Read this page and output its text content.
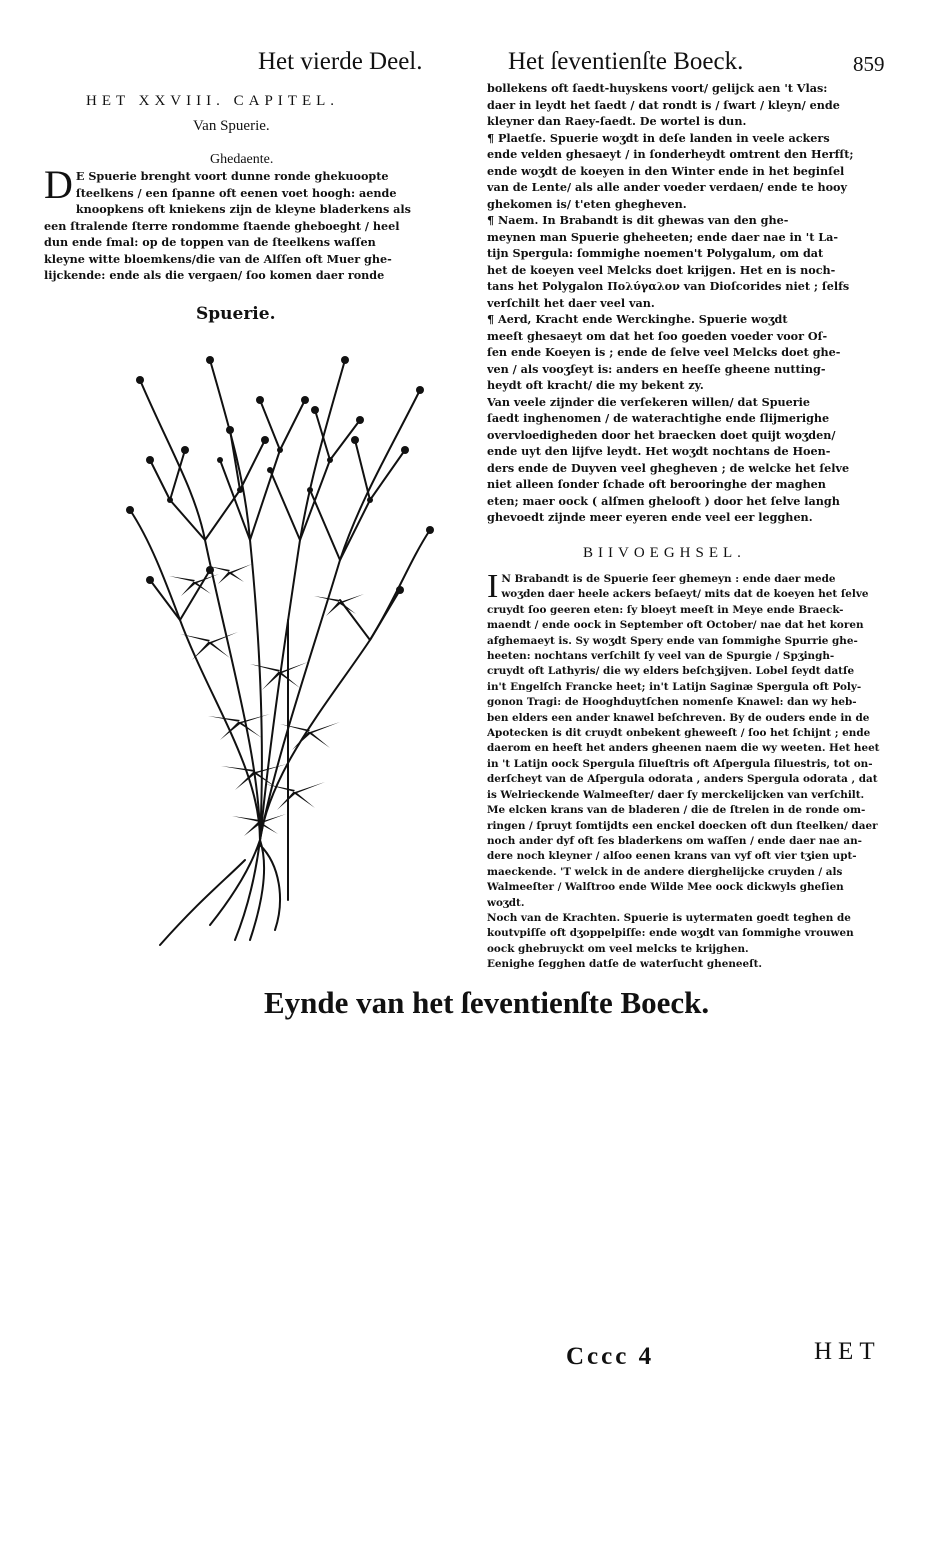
Het vierde Deel.	Het ſeventienſte Boeck.	859
HET XXVIII. CAPITEL.
Van Spuerie.
Ghedaente.
D E Spuerie brenght voort dunne ronde ghekuoopte
ſteelkens / een ſpanne oft eenen voet hoogh: aende
knoopkens oft kniekens zijn de kleyne bladerkens als
een ſtralende ſterre rondomme ſtaende gheboeght / heel
dun ende ſmal: op de toppen van de ſteelkens waſſen
kleyne witte bloemkens/die van de Alſſen oft Muer ghe-
lijckende: ende als die vergaen/ ſoo komen daer ronde
Spuerie.
bollekens oft ſaedt-huyskens voort/ gelijck aen 't Vlas:
daer in leydt het ſaedt / dat rondt is / ſwart / kleyn/ ende
kleyner dan Raey-ſaedt. De wortel is dun.
¶ Plaetſe. Spuerie woʒdt in deſe landen in veele ackers
ende velden ghesaeyt / in ſonderheydt omtrent den Herfſt;
ende woʒdt de koeyen in den Winter ende in het beginſel
van de Lente/ als alle ander voeder verdaen/ ende te hooy
ghekomen is/ t'eten ghegheven.
¶ Naem. In Brabandt is dit ghewas van den ghe-
meynen man Spuerie gheheeten; ende daer nae in 't La-
tijn Spergula: ſommighe noemen't Polygalum, om dat
het de koeyen veel Melcks doet krijgen. Het en is noch-
tans het Polygalon Πολύγαλον van Dioſcorides niet ; ſelfs
verſchilt het daer veel van.
¶ Aerd, Kracht ende Werckinghe. Spuerie woʒdt
meeſt ghesaeyt om dat het ſoo goeden voeder voor Oſ-
ſen ende Koeyen is ; ende de ſelve veel Melcks doet ghe-
ven / als vooʒſeyt is: anders en heeſſe gheene nutting-
heydt oft kracht/ die my bekent zy.
Van veele zijnder die verſekeren willen/ dat Spuerie
ſaedt inghenomen / de waterachtighe ende ſlijmerighe
overvloedigheden door het braecken doet quijt woʒden/
ende uyt den lijfve leydt. Het woʒdt nochtans de Hoen-
ders ende de Duyven veel ghegheven ; de welcke het ſelve
niet alleen ſonder ſchade oft berooringhe der maghen
eten; maer oock ( alſmen ghelooft ) door het ſelve langh
ghevoedt zijnde meer eyeren ende veel eer legghen.
BIIVOEGHSEL.
I N Brabandt is de Spuerie ſeer ghemeyn : ende daer mede
woʒden daer heele ackers beſaeyt/ mits dat de koeyen het ſelve
cruydt ſoo geeren eten: ſy bloeyt meeſt in Meye ende Braeck-
maendt / ende oock in September oft October/ nae dat het koren
afghemaeyt is. Sy woʒdt Spery ende van ſommighe Spurrie ghe-
heeten: nochtans verſchilt ſy veel van de Spurgie / Spʒingh-
cruydt oft Lathyris/ die wy elders beſchʒijven. Lobel ſeydt datſe
in't Engelſch Francke heet; in't Latijn Saginæ Spergula oft Poly-
gonon Tragi: de Hooghduytſchen nomenſe Knawel: dan wy heb-
ben elders een ander knawel beſchreven. By de ouders ende in de
Apotecken is dit cruydt onbekent gheweeſt / ſoo het ſchijnt ; ende
daerom en heeft het anders gheenen naem die wy weeten. Het heet
in 't Latijn oock Spergula ſilueſtris oft Aſpergula ſiluestris, tot on-
derſcheyt van de Aſpergula odorata , anders Spergula odorata , dat
is Welrieckende Walmeeſter/ daer ſy merckelijcken van verſchilt.
Me elcken krans van de bladeren / die de ſtrelen in de ronde om-
ringen / ſpruyt ſomtijdts een enckel doecken oft dun ſteelken/ daer
noch ander dyf oft ſes bladerkens om waſſen / ende daer nae an-
dere noch kleyner / alſoo eenen krans van vyf oft vier tʒien upt-
maeckende. 'T welck in de andere dierghelijcke cruyden / als
Walmeeſter / Walſtroo ende Wilde Mee oock dickwyls gheſien
woʒdt.
Noch van de Krachten. Spuerie is uytermaten goedt teghen de
koutvpiſſe oft dʒoppelpiſſe: ende woʒdt van ſommighe vrouwen
oock ghebruyckt om veel melcks te krijghen.
Eenighe ſegghen datſe de waterſucht gheneeſt.
Eynde van het ſeventienſte Boeck.
Cccc 4	HET
